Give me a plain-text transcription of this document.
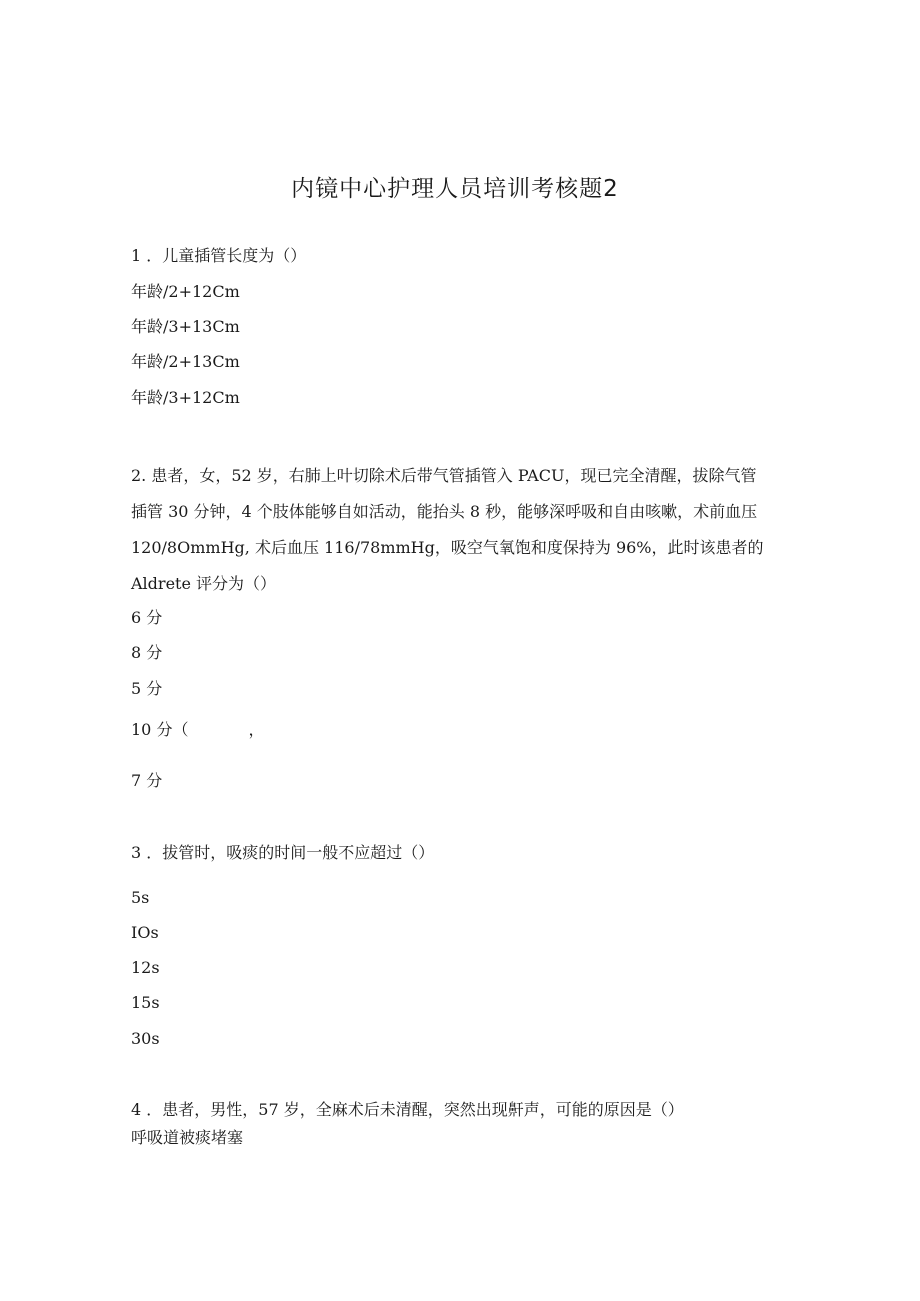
内镜中心护理人员培训考核题2
1 ．儿童插管长度为（）
年龄/2+12Cm
年龄/3+13Cm
年龄/2+13Cm
年龄/3+12Cm
2. 患者，女，52 岁，右肺上叶切除术后带气管插管入 PACU，现已完全清醒，拔除气管
插管 30 分钟，4 个肢体能够自如活动，能抬头 8 秒，能够深呼吸和自由咳嗽，术前血压
120/8OmmHg, 术后血压 116∕78mmHg，吸空气氧饱和度保持为 96%，此时该患者的
Aldrete 评分为（）
6 分
8 分
5 分
10 分（	，
7 分
3 ．拔管时，吸痰的时间一般不应超过（）
5s
IOs
12s
15s
30s
4 ．患者，男性，57 岁，全麻术后未清醒，突然出现鼾声，可能的原因是（）
呼吸道被痰堵塞
